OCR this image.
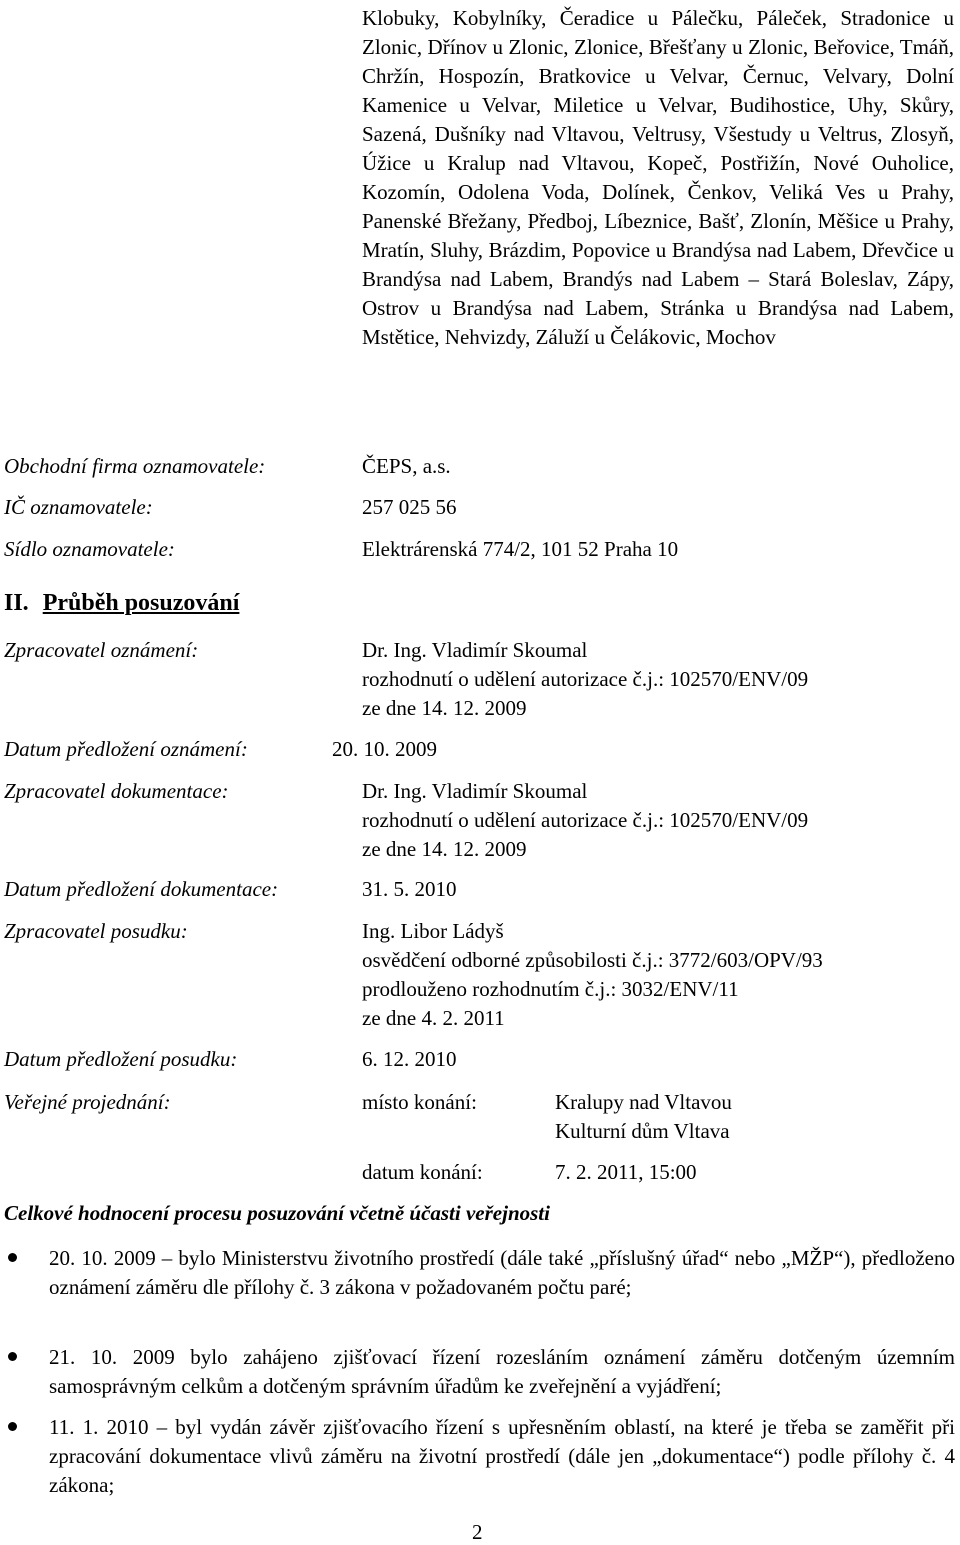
Klobuky, Kobylníky, Čeradice u Pálečku, Páleček, Stradonice u Zlonic, Dřínov u Zlonic, Zlonice, Břešťany u Zlonic, Beřovice, Tmáň, Chržín, Hospozín, Bratkovice u Velvar, Černuc, Velvary, Dolní Kamenice u Velvar, Miletice u Velvar, Budihostice, Uhy, Skůry, Sazená, Dušníky nad Vltavou, Veltrusy, Všestudy u Veltrus, Zlosyň, Úžice u Kralup nad Vltavou, Kopeč, Postřižín, Nové Ouholice, Kozomín, Odolena Voda, Dolínek, Čenkov, Veliká Ves u Prahy, Panenské Břežany, Předboj, Líbeznice, Bašť, Zlonín, Měšice u Prahy, Mratín, Sluhy, Brázdim, Popovice u Brandýsa nad Labem, Dřevčice u Brandýsa nad Labem, Brandýs nad Labem – Stará Boleslav, Zápy, Ostrov u Brandýsa nad Labem, Stránka u Brandýsa nad Labem, Mstětice, Nehvizdy, Záluží u Čelákovic, Mochov
Obchodní firma oznamovatele:	ČEPS, a.s.
IČ oznamovatele:	257 025 56
Sídlo oznamovatele:	Elektrárenská 774/2, 101 52 Praha 10
II. Průběh posuzování
Zpracovatel oznámení:	Dr. Ing. Vladimír Skoumal
rozhodnutí o udělení autorizace č.j.: 102570/ENV/09
ze dne 14. 12. 2009
Datum předložení oznámení:	20. 10. 2009
Zpracovatel dokumentace:	Dr. Ing. Vladimír Skoumal
rozhodnutí o udělení autorizace č.j.: 102570/ENV/09
ze dne 14. 12. 2009
Datum předložení dokumentace:	31. 5. 2010
Zpracovatel posudku:	Ing. Libor Ládyš
osvědčení odborné způsobilosti č.j.: 3772/603/OPV/93
prodlouženo rozhodnutím č.j.: 3032/ENV/11
ze dne 4. 2. 2011
Datum předložení posudku:	6. 12. 2010
Veřejné projednání:	místo konání:	Kralupy nad Vltavou
Kulturní dům Vltava
datum konání:	7. 2. 2011, 15:00
Celkové hodnocení procesu posuzování včetně účasti veřejnosti
20. 10. 2009 – bylo Ministerstvu životního prostředí (dále také „příslušný úřad“ nebo „MŽP“), předloženo oznámení záměru dle přílohy č. 3 zákona v požadovaném počtu paré;
21. 10. 2009 bylo zahájeno zjišťovací řízení rozesláním oznámení záměru dotčeným územním samosprávným celkům a dotčeným správním úřadům ke zveřejnění a vyjádření;
11. 1. 2010 – byl vydán závěr zjišťovacího řízení s upřesněním oblastí, na které je třeba se zaměřit při zpracování dokumentace vlivů záměru na životní prostředí (dále jen „dokumentace“) podle přílohy č. 4 zákona;
2
